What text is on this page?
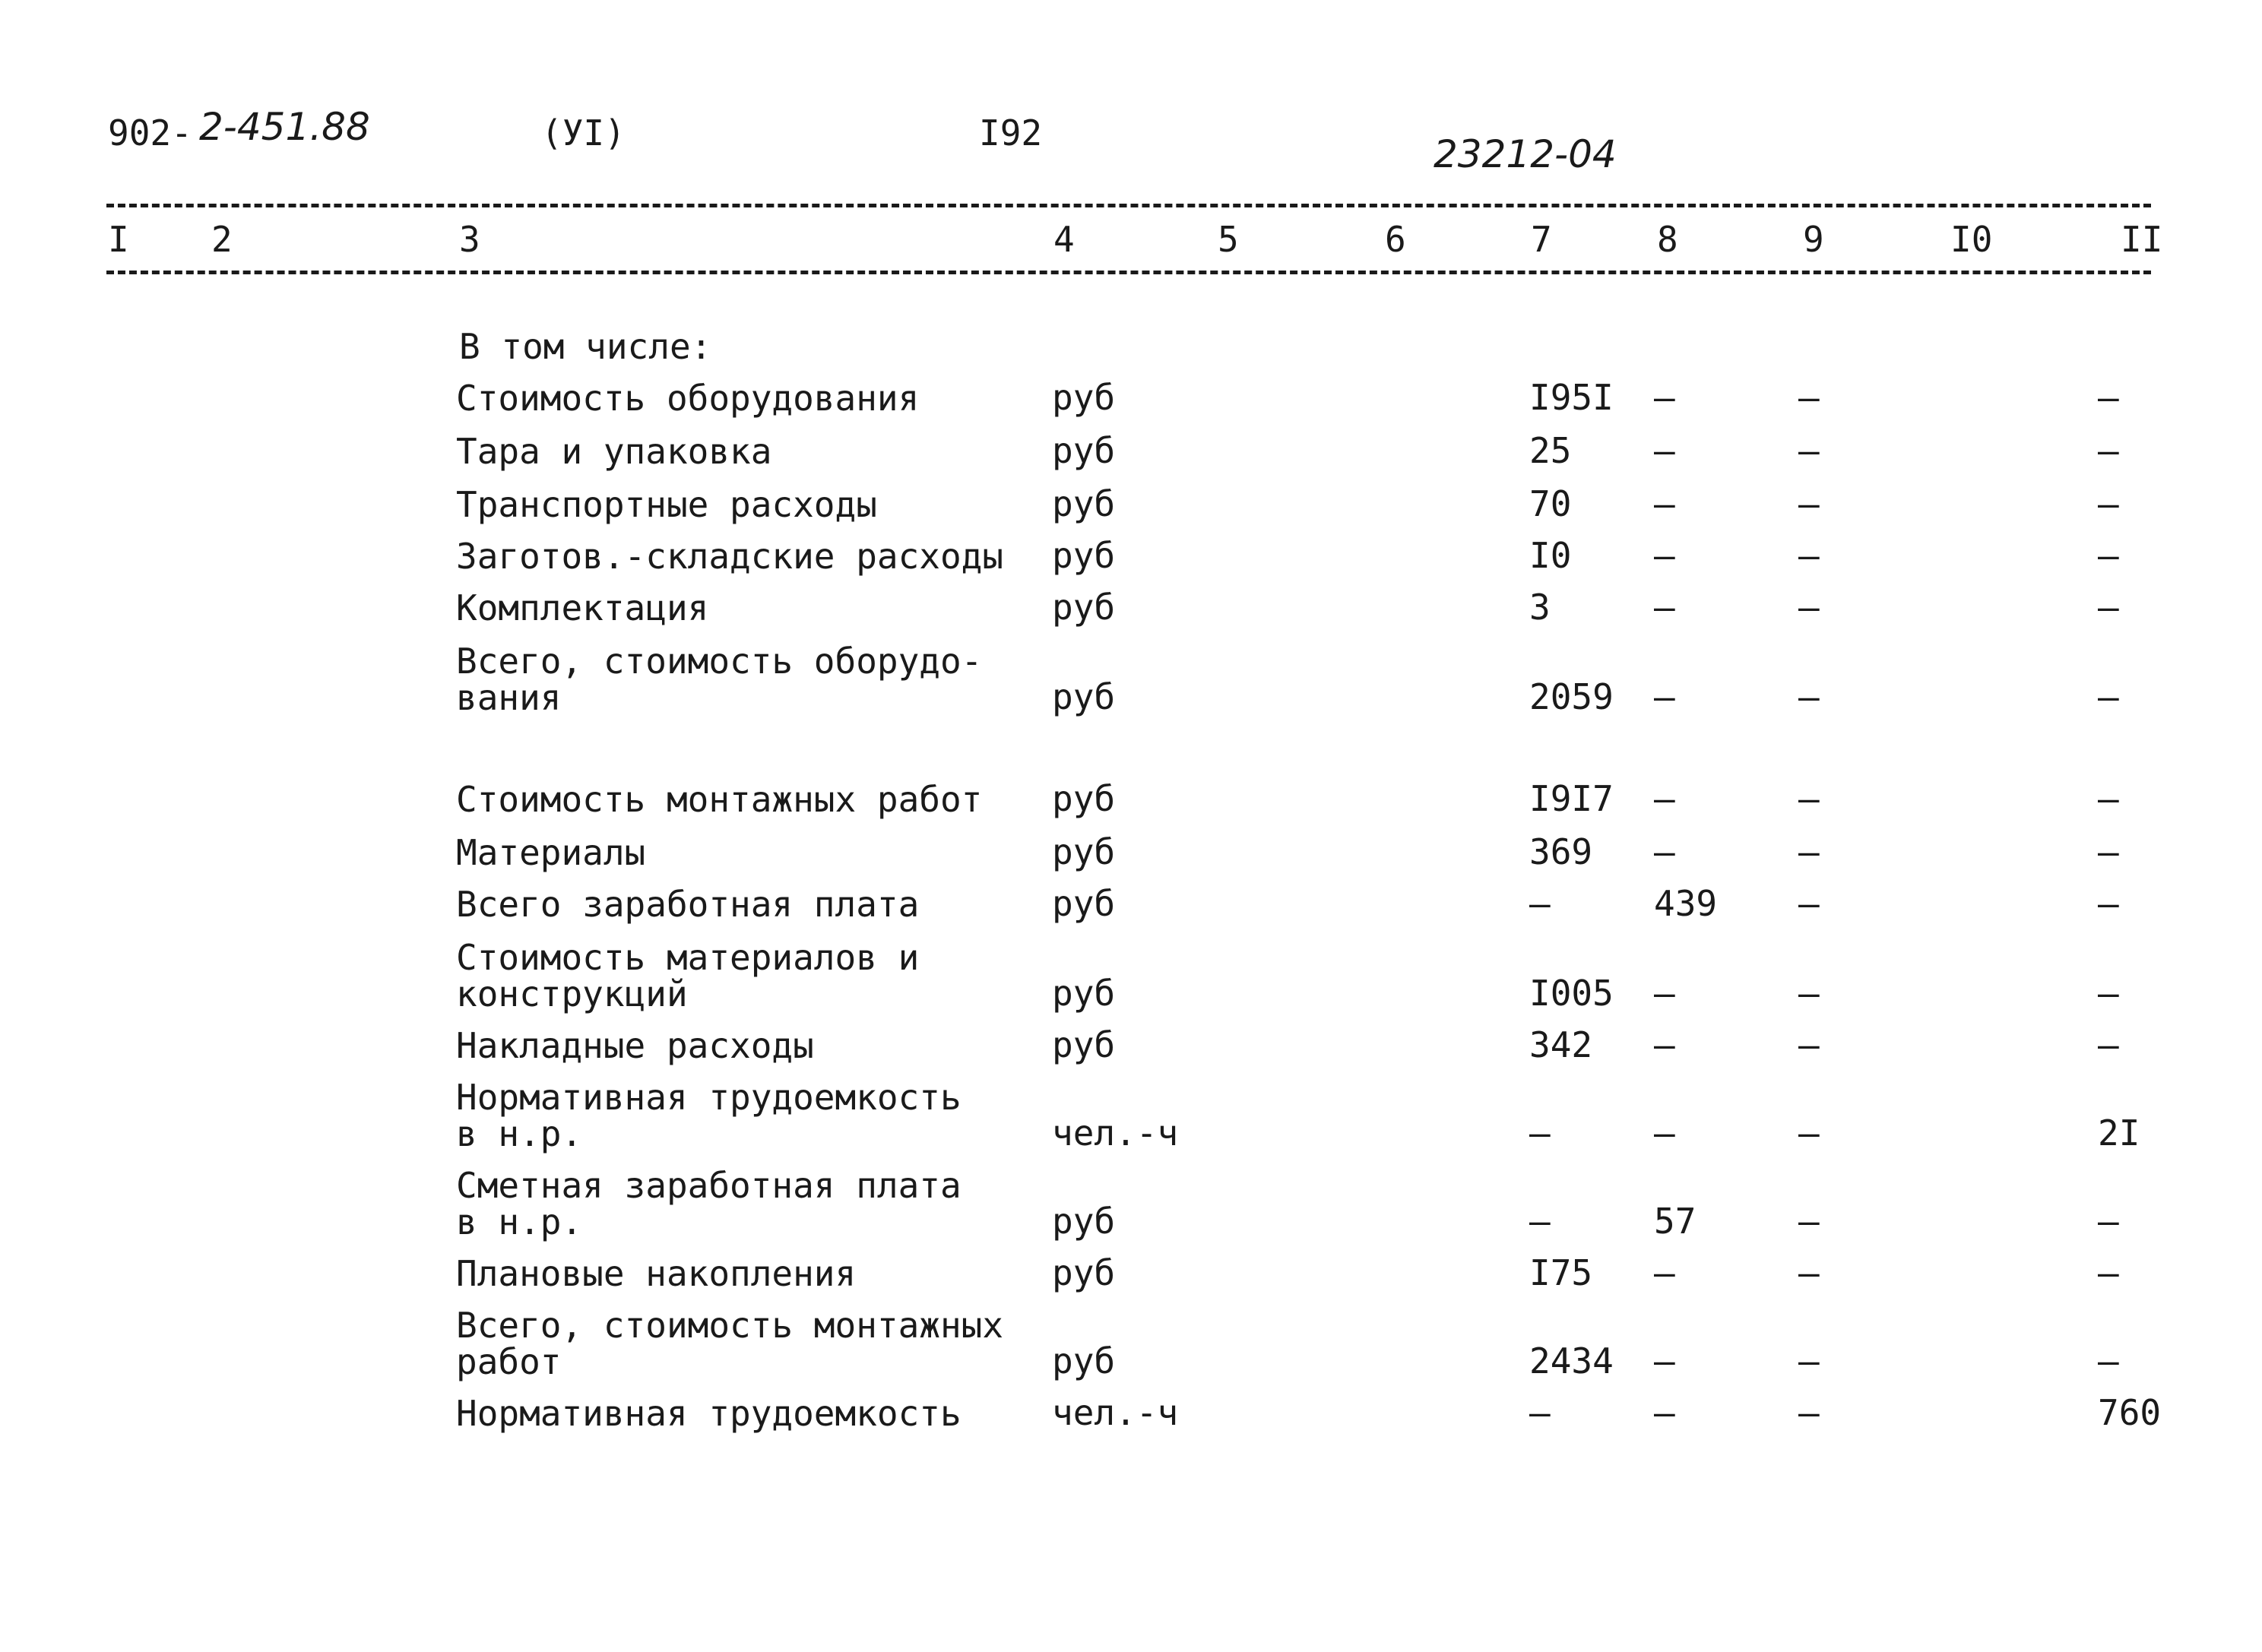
902- 2-451.88	(УI)	I92	23212-04
I 2	3	4	5	6	7	8	9	I0	II
В том числе:
Стоимость оборудования	руб	I95I –	–	–
Тара и упаковка	руб	25 –	–	–
Транспортные расходы	руб	70 –	–	–
Заготов.-складские расходы руб	I0 –	–	–
Комплектация	руб	3	–	–	–
Всего, стоимость оборудо-
вания	руб	2059 –	–	–
Стоимость монтажных работ руб	I9I7 –	–	–
Материалы	руб	369 –	–	–
Всего заработная плата	руб	–	439 –	–
Стоимость материалов и
конструкций	руб	I005 –	–	–
Накладные расходы	руб	342 –	–	–
Нормативная трудоемкость
в н.р.	чел.-ч	–	–	–	2I
Сметная заработная плата
в н.р.	руб	–	57	–	–
Плановые накопления	руб	I75 –	–	–
Всего, стоимость монтажных
работ	руб	2434 –	–	–
Нормативная трудоемкость	чел.-ч	–	–	–	760
